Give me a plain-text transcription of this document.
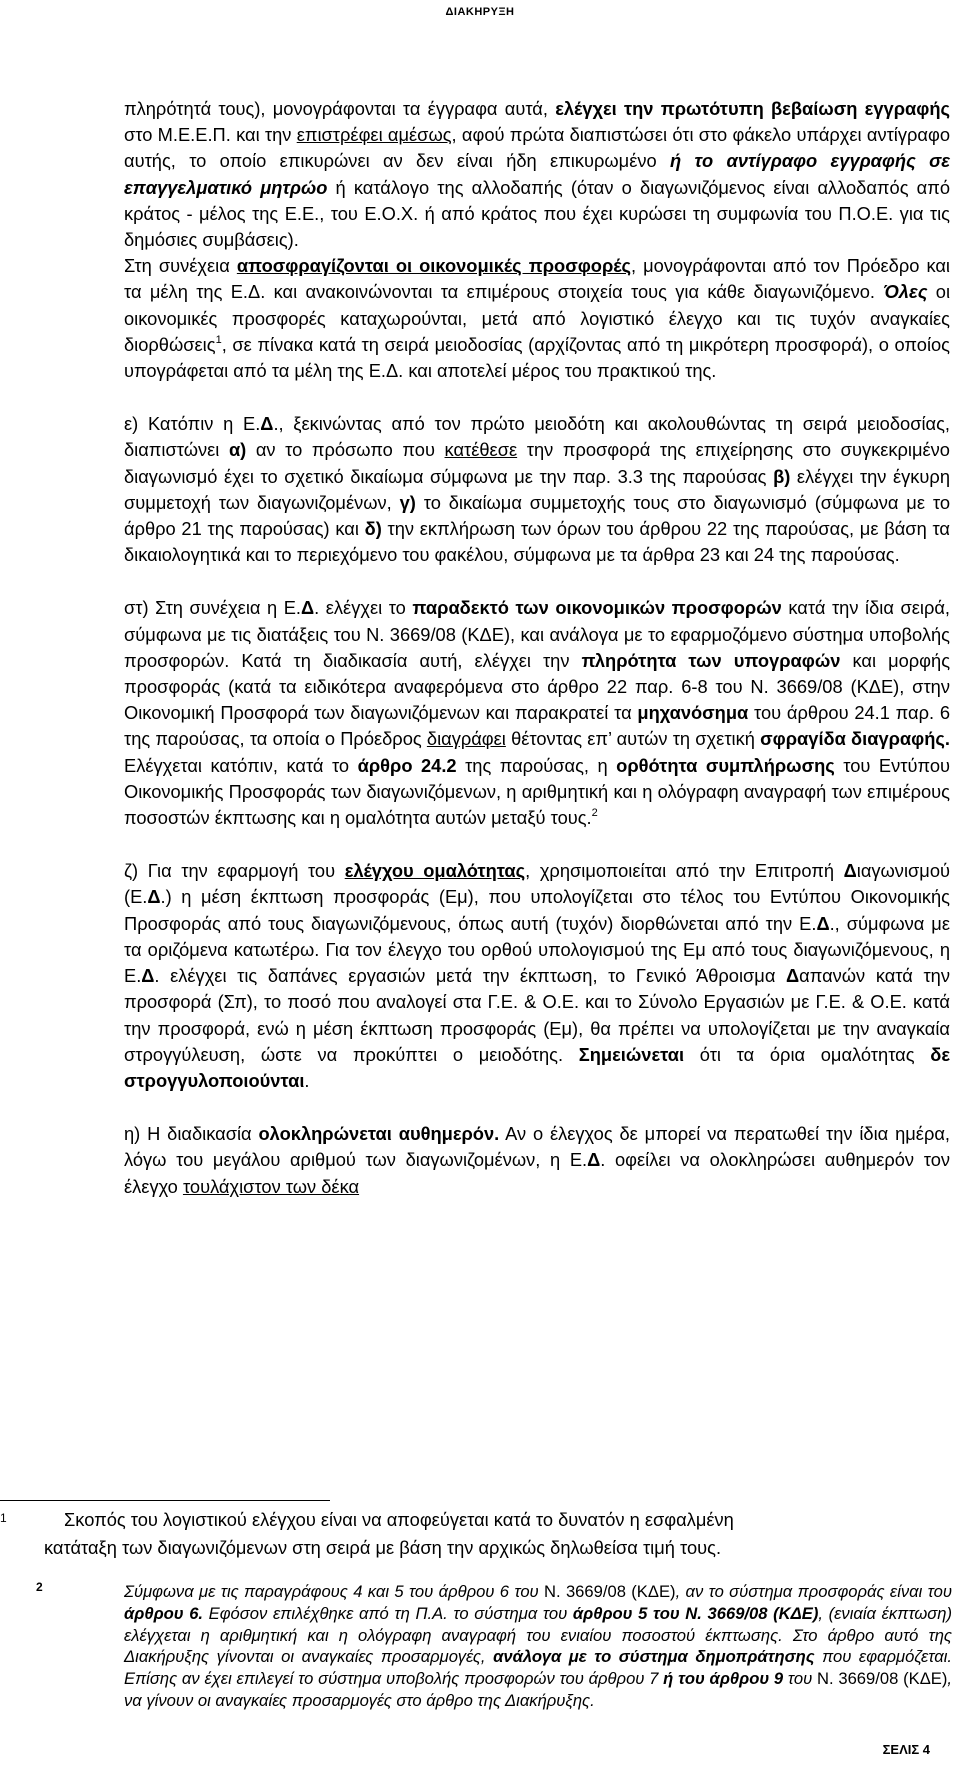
ΔΙΑΚΗΡΥΞΗ

πληρότητά τους), μονογράφονται τα έγγραφα αυτά, ελέγχει την πρωτότυπη βεβαίωση εγγραφής στο Μ.Ε.Ε.Π. και την επιστρέφει αμέσως, αφού πρώτα διαπιστώσει ότι στο φάκελο υπάρχει αντίγραφο αυτής, το οποίο επικυρώνει αν δεν είναι ήδη επικυρωμένο ή το αντίγραφο εγγραφής σε επαγγελματικό μητρώο ή κατάλογο της αλλοδαπής (όταν ο διαγωνιζόμενος είναι αλλοδαπός από κράτος - μέλος της Ε.Ε., του Ε.Ο.Χ. ή από κράτος που έχει κυρώσει τη συμφωνία του Π.Ο.Ε. για τις δημόσιες συμβάσεις).

Στη συνέχεια αποσφραγίζονται οι οικονομικές προσφορές, μονογράφονται από τον Πρόεδρο και τα μέλη της Ε.Δ. και ανακοινώνονται τα επιμέρους στοιχεία τους για κάθε διαγωνιζόμενο. Όλες οι οικονομικές προσφορές καταχωρούνται, μετά από λογιστικό έλεγχο και τις τυχόν αναγκαίες διορθώσεις$^1$, σε πίνακα κατά τη σειρά μειοδοσίας (αρχίζοντας από τη μικρότερη προσφορά), ο οποίος υπογράφεται από τα μέλη της Ε.Δ. και αποτελεί μέρος του πρακτικού της.

ε) Κατόπιν η Ε.Δ., ξεκινώντας από τον πρώτο μειοδότη και ακολουθώντας τη σειρά μειοδοσίας, διαπιστώνει α) αν το πρόσωπο που κατέθεσε την προσφορά της επιχείρησης στο συγκεκριμένο διαγωνισμό έχει το σχετικό δικαίωμα σύμφωνα με την παρ. 3.3 της παρούσας β) ελέγχει την έγκυρη συμμετοχή των διαγωνιζομένων, γ) το δικαίωμα συμμετοχής τους στο διαγωνισμό (σύμφωνα με το άρθρο 21 της παρούσας) και δ) την εκπλήρωση των όρων του άρθρου 22 της παρούσας, με βάση τα δικαιολογητικά και το περιεχόμενο του φακέλου, σύμφωνα με τα άρθρα 23 και 24 της παρούσας.

στ) Στη συνέχεια η Ε.Δ. ελέγχει το παραδεκτό των οικονομικών προσφορών κατά την ίδια σειρά, σύμφωνα με τις διατάξεις του Ν. 3669/08 (ΚΔΕ), και ανάλογα με το εφαρμοζόμενο σύστημα υποβολής προσφορών. Κατά τη διαδικασία αυτή, ελέγχει την πληρότητα των υπογραφών και μορφής προσφοράς (κατά τα ειδικότερα αναφερόμενα στο άρθρο 22 παρ. 6-8 του Ν. 3669/08 (ΚΔΕ), στην Οικονομική Προσφορά των διαγωνιζόμενων και παρακρατεί τα μηχανόσημα του άρθρου 24.1 παρ. 6 της παρούσας, τα οποία ο Πρόεδρος διαγράφει θέτοντας επ’ αυτών τη σχετική σφραγίδα διαγραφής. Ελέγχεται κατόπιν, κατά το άρθρο 24.2 της παρούσας, η ορθότητα συμπλήρωσης του Εντύπου Οικονομικής Προσφοράς των διαγωνιζόμενων, η αριθμητική και η ολόγραφη αναγραφή των επιμέρους ποσοστών έκπτωσης και η ομαλότητα αυτών μεταξύ τους.$^2$

ζ) Για την εφαρμογή του ελέγχου ομαλότητας, χρησιμοποιείται από την Επιτροπή Διαγωνισμού (Ε.Δ.) η μέση έκπτωση προσφοράς (Εμ), που υπολογίζεται στο τέλος του Εντύπου Οικονομικής Προσφοράς από τους διαγωνιζόμενους, όπως αυτή (τυχόν) διορθώνεται από την Ε.Δ., σύμφωνα με τα οριζόμενα κατωτέρω. Για τον έλεγχο του ορθού υπολογισμού της Εμ από τους διαγωνιζόμενους, η Ε.Δ. ελέγχει τις δαπάνες εργασιών μετά την έκπτωση, το Γενικό Άθροισμα Δαπανών κατά την προσφορά (Σπ), το ποσό που αναλογεί στα Γ.Ε. & Ο.Ε. και το Σύνολο Εργασιών με Γ.Ε. & Ο.Ε. κατά την προσφορά, ενώ η μέση έκπτωση προσφοράς (Εμ), θα πρέπει να υπολογίζεται με την αναγκαία στρογγύλευση, ώστε να προκύπτει ο μειοδότης. Σημειώνεται ότι τα όρια ομαλότητας δε στρογγυλοποιούνται.

η) Η διαδικασία ολοκληρώνεται αυθημερόν. Αν ο έλεγχος δε μπορεί να περατωθεί την ίδια ημέρα, λόγω του μεγάλου αριθμού των διαγωνιζομένων, η Ε.Δ. οφείλει να ολοκληρώσει αυθημερόν τον έλεγχο τουλάχιστον των δέκα

1	Σκοπός του λογιστικού ελέγχου είναι να αποφεύγεται κατά το δυνατόν η εσφαλμένη
κατάταξη των διαγωνιζόμενων στη σειρά με βάση την αρχικώς δηλωθείσα τιμή τους.
2	Σύμφωνα με τις παραγράφους 4 και 5 του άρθρου 6 του Ν. 3669/08 (ΚΔΕ), αν το σύστημα προσφοράς είναι του άρθρου 6. Εφόσον επιλέχθηκε από τη Π.Α. το σύστημα του άρθρου 5 του Ν. 3669/08 (ΚΔΕ), (ενιαία έκπτωση) ελέγχεται η αριθμητική και η ολόγραφη αναγραφή του ενιαίου ποσοστού έκπτωσης. Στο άρθρο αυτό της Διακήρυξης γίνονται οι αναγκαίες προσαρμογές, ανάλογα με το σύστημα δημοπράτησης που εφαρμόζεται. Επίσης αν έχει επιλεγεί το σύστημα υποβολής προσφορών του άρθρου 7 ή του άρθρου 9 του Ν. 3669/08 (ΚΔΕ), να γίνουν οι αναγκαίες προσαρμογές στο άρθρο της Διακήρυξης.
ΣΕΛΙΣ 4
